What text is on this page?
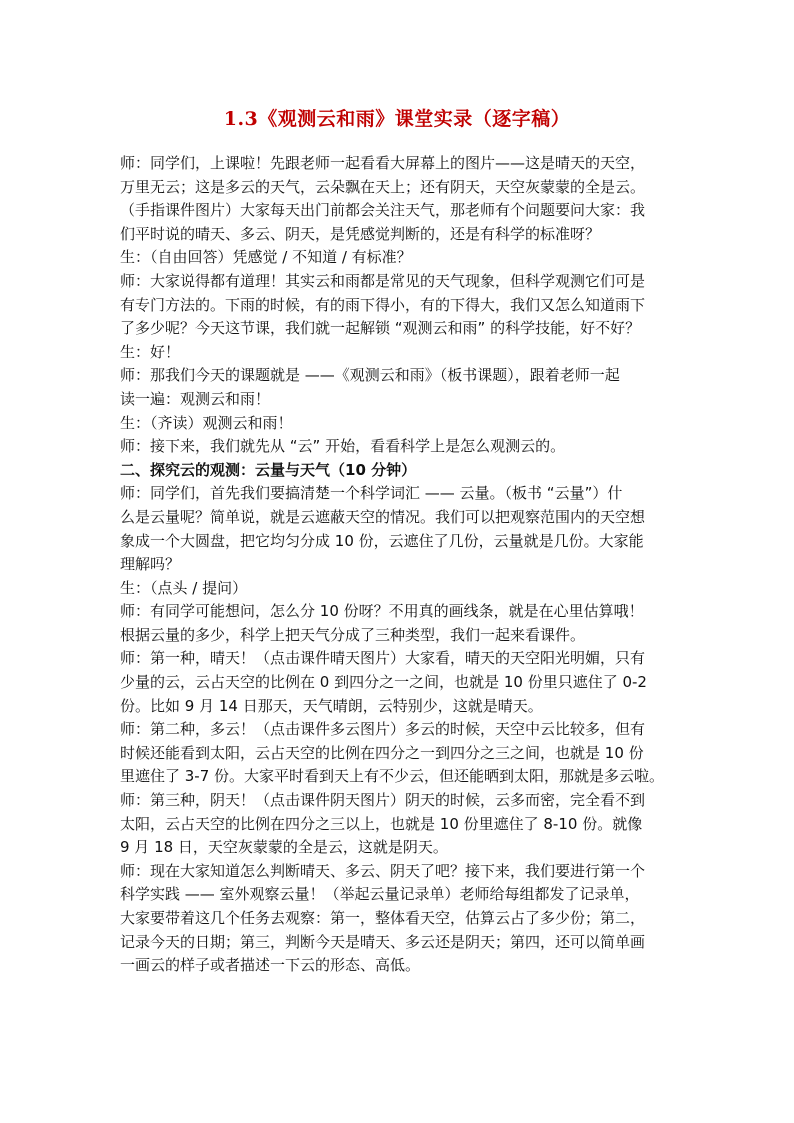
1.3《观测云和雨》课堂实录（逐字稿）
师：同学们，上课啦！先跟老师一起看看大屏幕上的图片——这是晴天的天空，
万里无云；这是多云的天气，云朵飘在天上；还有阴天，天空灰蒙蒙的全是云。
（手指课件图片）大家每天出门前都会关注天气，那老师有个问题要问大家：我
们平时说的晴天、多云、阴天，是凭感觉判断的，还是有科学的标准呀？
生：（自由回答）凭感觉 / 不知道 / 有标准？
师：大家说得都有道理！其实云和雨都是常见的天气现象，但科学观测它们可是
有专门方法的。下雨的时候，有的雨下得小，有的下得大，我们又怎么知道雨下
了多少呢？今天这节课，我们就一起解锁 “观测云和雨” 的科学技能，好不好？
生：好！
师：那我们今天的课题就是 ——《观测云和雨》（板书课题），跟着老师一起
读一遍：观测云和雨！
生：（齐读）观测云和雨！
师：接下来，我们就先从 “云” 开始，看看科学上是怎么观测云的。
二、探究云的观测：云量与天气（10 分钟）
师：同学们，首先我们要搞清楚一个科学词汇 —— 云量。（板书 “云量”）什
么是云量呢？简单说，就是云遮蔽天空的情况。我们可以把观察范围内的天空想
象成一个大圆盘，把它均匀分成 10 份，云遮住了几份，云量就是几份。大家能
理解吗？
生：（点头 / 提问）
师：有同学可能想问，怎么分 10 份呀？不用真的画线条，就是在心里估算哦！
根据云量的多少，科学上把天气分成了三种类型，我们一起来看课件。
师：第一种，晴天！（点击课件晴天图片）大家看，晴天的天空阳光明媚，只有
少量的云，云占天空的比例在 0 到四分之一之间，也就是 10 份里只遮住了 0-2
份。比如 9 月 14 日那天，天气晴朗，云特别少，这就是晴天。
师：第二种，多云！（点击课件多云图片）多云的时候，天空中云比较多，但有
时候还能看到太阳，云占天空的比例在四分之一到四分之三之间，也就是 10 份
里遮住了 3-7 份。大家平时看到天上有不少云，但还能晒到太阳，那就是多云啦。
师：第三种，阴天！（点击课件阴天图片）阴天的时候，云多而密，完全看不到
太阳，云占天空的比例在四分之三以上，也就是 10 份里遮住了 8-10 份。就像
9 月 18 日，天空灰蒙蒙的全是云，这就是阴天。
师：现在大家知道怎么判断晴天、多云、阴天了吧？接下来，我们要进行第一个
科学实践 —— 室外观察云量！（举起云量记录单）老师给每组都发了记录单，
大家要带着这几个任务去观察：第一，整体看天空，估算云占了多少份；第二，
记录今天的日期；第三，判断今天是晴天、多云还是阴天；第四，还可以简单画
一画云的样子或者描述一下云的形态、高低。
